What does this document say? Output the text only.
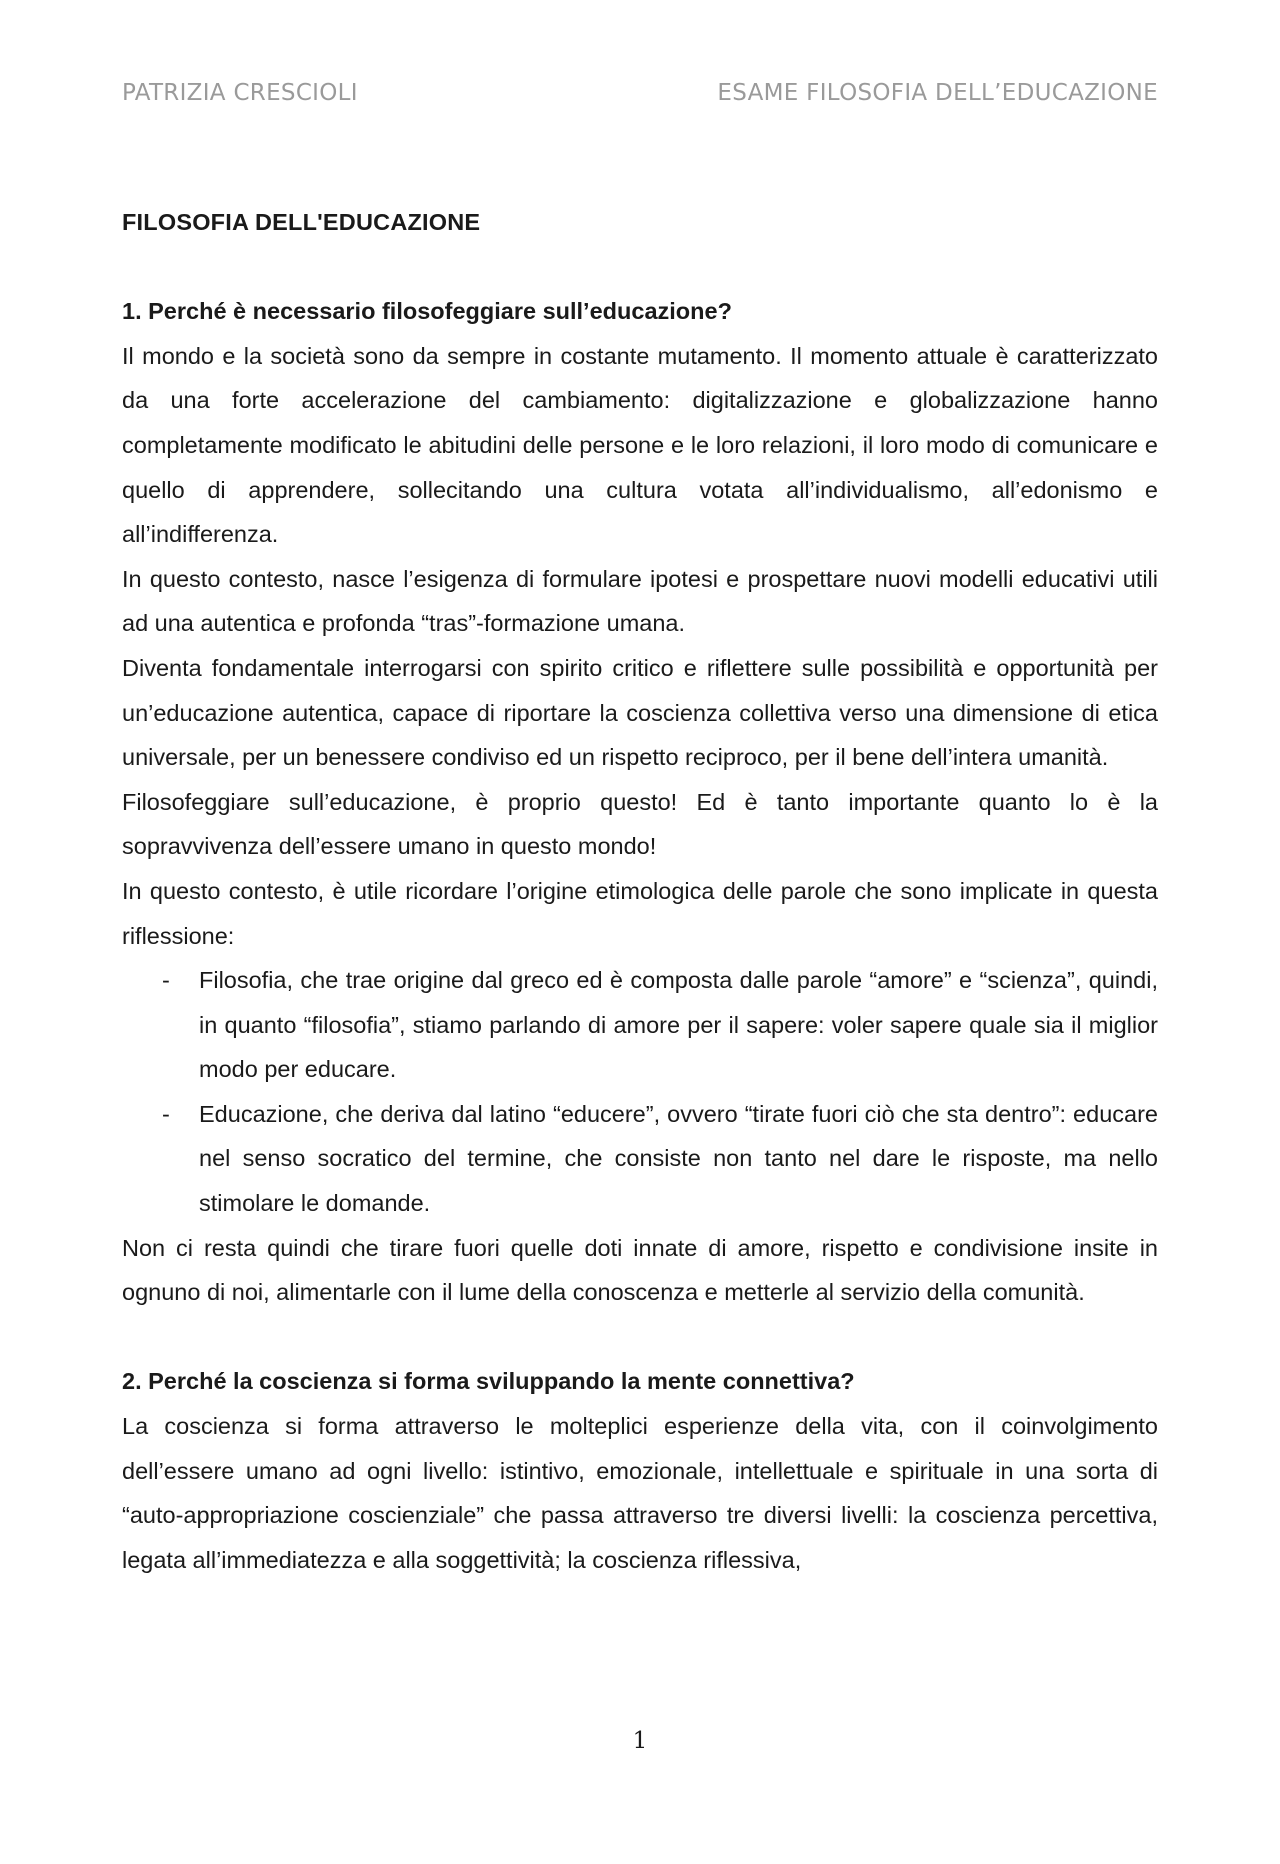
PATRIZIA CRESCIOLI	ESAME FILOSOFIA DELL’EDUCAZIONE
FILOSOFIA DELL'EDUCAZIONE
1. Perché è necessario filosofeggiare sull’educazione?

Il mondo e la società sono da sempre in costante mutamento. Il momento attuale è caratterizzato da una forte accelerazione del cambiamento: digitalizzazione e globalizzazione hanno completamente modificato le abitudini delle persone e le loro relazioni, il loro modo di comunicare e quello di apprendere, sollecitando una cultura votata all’individualismo, all’edonismo e all’indifferenza.

In questo contesto, nasce l’esigenza di formulare ipotesi e prospettare nuovi modelli educativi utili ad una autentica e profonda “tras”-formazione umana.

Diventa fondamentale interrogarsi con spirito critico e riflettere sulle possibilità e opportunità per un’educazione autentica, capace di riportare la coscienza collettiva verso una dimensione di etica universale, per un benessere condiviso ed un rispetto reciproco, per il bene dell’intera umanità.

Filosofeggiare sull’educazione, è proprio questo! Ed è tanto importante quanto lo è la sopravvivenza dell’essere umano in questo mondo!

In questo contesto, è utile ricordare l’origine etimologica delle parole che sono implicate in questa riflessione:

- Filosofia, che trae origine dal greco ed è composta dalle parole “amore” e “scienza”, quindi, in quanto “filosofia”, stiamo parlando di amore per il sapere: voler sapere quale sia il miglior modo per educare.
- Educazione, che deriva dal latino “educere”, ovvero “tirate fuori ciò che sta dentro”: educare nel senso socratico del termine, che consiste non tanto nel dare le risposte, ma nello stimolare le domande.

Non ci resta quindi che tirare fuori quelle doti innate di amore, rispetto e condivisione insite in ognuno di noi, alimentarle con il lume della conoscenza e metterle al servizio della comunità.

2. Perché la coscienza si forma sviluppando la mente connettiva?

La coscienza si forma attraverso le molteplici esperienze della vita, con il coinvolgimento dell’essere umano ad ogni livello: istintivo, emozionale, intellettuale e spirituale in una sorta di “auto-appropriazione coscienziale” che passa attraverso tre diversi livelli: la coscienza percettiva, legata all’immediatezza e alla soggettività; la coscienza riflessiva,

1
